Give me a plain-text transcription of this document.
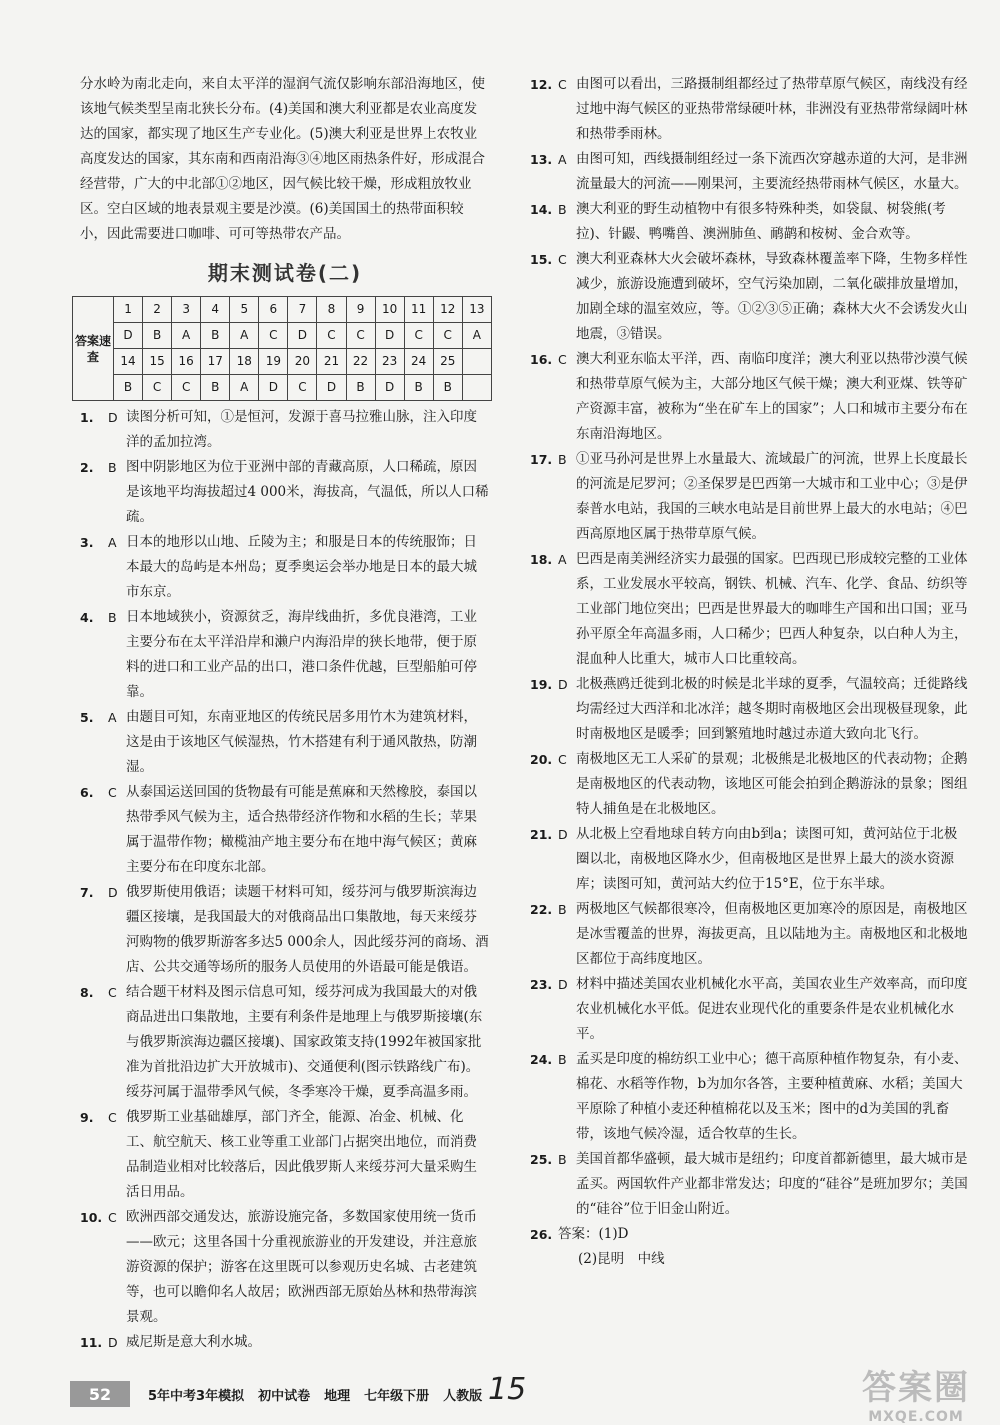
分水岭为南北走向，来自太平洋的湿润气流仅影响东部沿海地区，使该地气候类型呈南北狭长分布。(4)美国和澳大利亚都是农业高度发达的国家，都实现了地区生产专业化。(5)澳大利亚是世界上农牧业高度发达的国家，其东南和西南沿海③④地区雨热条件好，形成混合经营带，广大的中北部①②地区，因气候比较干燥，形成粗放牧业区。空白区域的地表景观主要是沙漠。(6)美国国土的热带面积较小，因此需要进口咖啡、可可等热带农产品。

期末测试卷(二)
答案速查	1	2	3	4	5	6	7	8	9	10	11	12	13
	D	B	A	B	A	C	D	C	C	D	C	C	A
	14	15	16	17	18	19	20	21	22	23	24	25	
	B	C	C	B	A	D	C	D	B	D	B	B	
1.	D 读图分析可知，①是恒河，发源于喜马拉雅山脉，注入印度洋的孟加拉湾。
2.	B 图中阴影地区为位于亚洲中部的青藏高原，人口稀疏，原因是该地平均海拔超过4 000米，海拔高，气温低，所以人口稀疏。
3.	A 日本的地形以山地、丘陵为主；和服是日本的传统服饰；日本最大的岛屿是本州岛；夏季奥运会举办地是日本的最大城市东京。
4.	B 日本地域狭小，资源贫乏，海岸线曲折，多优良港湾，工业主要分布在太平洋沿岸和濑户内海沿岸的狭长地带，便于原料的进口和工业产品的出口，港口条件优越，巨型船舶可停靠。
5.	A 由题目可知，东南亚地区的传统民居多用竹木为建筑材料，这是由于该地区气候湿热，竹木搭建有利于通风散热，防潮湿。
6.	C 从泰国运送回国的货物最有可能是蕉麻和天然橡胶，泰国以热带季风气候为主，适合热带经济作物和水稻的生长；苹果属于温带作物；橄榄油产地主要分布在地中海气候区；黄麻主要分布在印度东北部。
7.	D 俄罗斯使用俄语；读题干材料可知，绥芬河与俄罗斯滨海边疆区接壤，是我国最大的对俄商品出口集散地，每天来绥芬河购物的俄罗斯游客多达5 000余人，因此绥芬河的商场、酒店、公共交通等场所的服务人员使用的外语最可能是俄语。
8.	C 结合题干材料及图示信息可知，绥芬河成为我国最大的对俄商品进出口集散地，主要有利条件是地理上与俄罗斯接壤(东与俄罗斯滨海边疆区接壤)、国家政策支持(1992年被国家批准为首批沿边扩大开放城市)、交通便利(图示铁路线广布)。绥芬河属于温带季风气候，冬季寒冷干燥，夏季高温多雨。
9.	C 俄罗斯工业基础雄厚，部门齐全，能源、冶金、机械、化工、航空航天、核工业等重工业部门占据突出地位，而消费品制造业相对比较落后，因此俄罗斯人来绥芬河大量采购生活日用品。
10. C 欧洲西部交通发达，旅游设施完备，多数国家使用统一货币——欧元；这里各国十分重视旅游业的开发建设，并注意旅游资源的保护；游客在这里既可以参观历史名城、古老建筑等，也可以瞻仰名人故居；欧洲西部无原始丛林和热带海滨景观。
11. D 威尼斯是意大利水城。
12. C 由图可以看出，三路摄制组都经过了热带草原气候区，南线没有经过地中海气候区的亚热带常绿硬叶林，非洲没有亚热带常绿阔叶林和热带季雨林。
13. A 由图可知，西线摄制组经过一条下流西次穿越赤道的大河，是非洲流量最大的河流——刚果河，主要流经热带雨林气候区，水量大。
14. B 澳大利亚的野生动植物中有很多特殊种类，如袋鼠、树袋熊(考拉)、针鼹、鸭嘴兽、澳洲肺鱼、鸸鹋和桉树、金合欢等。
15. C 澳大利亚森林大火会破坏森林，导致森林覆盖率下降，生物多样性减少，旅游设施遭到破坏，空气污染加剧，二氧化碳排放量增加，加剧全球的温室效应，等。①②③⑤正确；森林大火不会诱发火山地震，③错误。
16. C 澳大利亚东临太平洋，西、南临印度洋；澳大利亚以热带沙漠气候和热带草原气候为主，大部分地区气候干燥；澳大利亚煤、铁等矿产资源丰富，被称为“坐在矿车上的国家”；人口和城市主要分布在东南沿海地区。
17. B ①亚马孙河是世界上水量最大、流域最广的河流，世界上长度最长的河流是尼罗河；②圣保罗是巴西第一大城市和工业中心；③是伊泰普水电站，我国的三峡水电站是目前世界上最大的水电站；④巴西高原地区属于热带草原气候。
18. A 巴西是南美洲经济实力最强的国家。巴西现已形成较完整的工业体系，工业发展水平较高，钢铁、机械、汽车、化学、食品、纺织等工业部门地位突出；巴西是世界最大的咖啡生产国和出口国；亚马孙平原全年高温多雨，人口稀少；巴西人种复杂，以白种人为主，混血种人比重大，城市人口比重较高。
19. D 北极燕鸥迁徙到北极的时候是北半球的夏季，气温较高；迁徙路线均需经过大西洋和北冰洋；越冬期时南极地区会出现极昼现象，此时南极地区是暖季；回到繁殖地时越过赤道大致向北飞行。
20. C 南极地区无工人采矿的景观；北极熊是北极地区的代表动物；企鹅是南极地区的代表动物，该地区可能会拍到企鹅游泳的景象；图组特人捕鱼是在北极地区。
21. D 从北极上空看地球自转方向由b到a；读图可知，黄河站位于北极圈以北，南极地区降水少，但南极地区是世界上最大的淡水资源库；读图可知，黄河站大约位于15°E，位于东半球。
22. B 两极地区气候都很寒冷，但南极地区更加寒冷的原因是，南极地区是冰雪覆盖的世界，海拔更高，且以陆地为主。南极地区和北极地区都位于高纬度地区。
23. D 材料中描述美国农业机械化水平高，美国农业生产效率高，而印度农业机械化水平低。促进农业现代化的重要条件是农业机械化水平。
24. B 孟买是印度的棉纺织工业中心；德干高原种植作物复杂，有小麦、棉花、水稻等作物，b为加尔各答，主要种植黄麻、水稻；美国大平原除了种植小麦还种植棉花以及玉米；图中的d为美国的乳畜带，该地气候冷湿，适合牧草的生长。
25. B 美国首都华盛顿，最大城市是纽约；印度首都新德里，最大城市是孟买。两国软件产业都非常发达；印度的“硅谷”是班加罗尔；美国的“硅谷”位于旧金山附近。
26. 答案：(1)D
(2)昆明　中线
52	5年中考3年模拟 初中试卷 地理 七年级下册 人教版 15	答案圈
MXQE.COM
